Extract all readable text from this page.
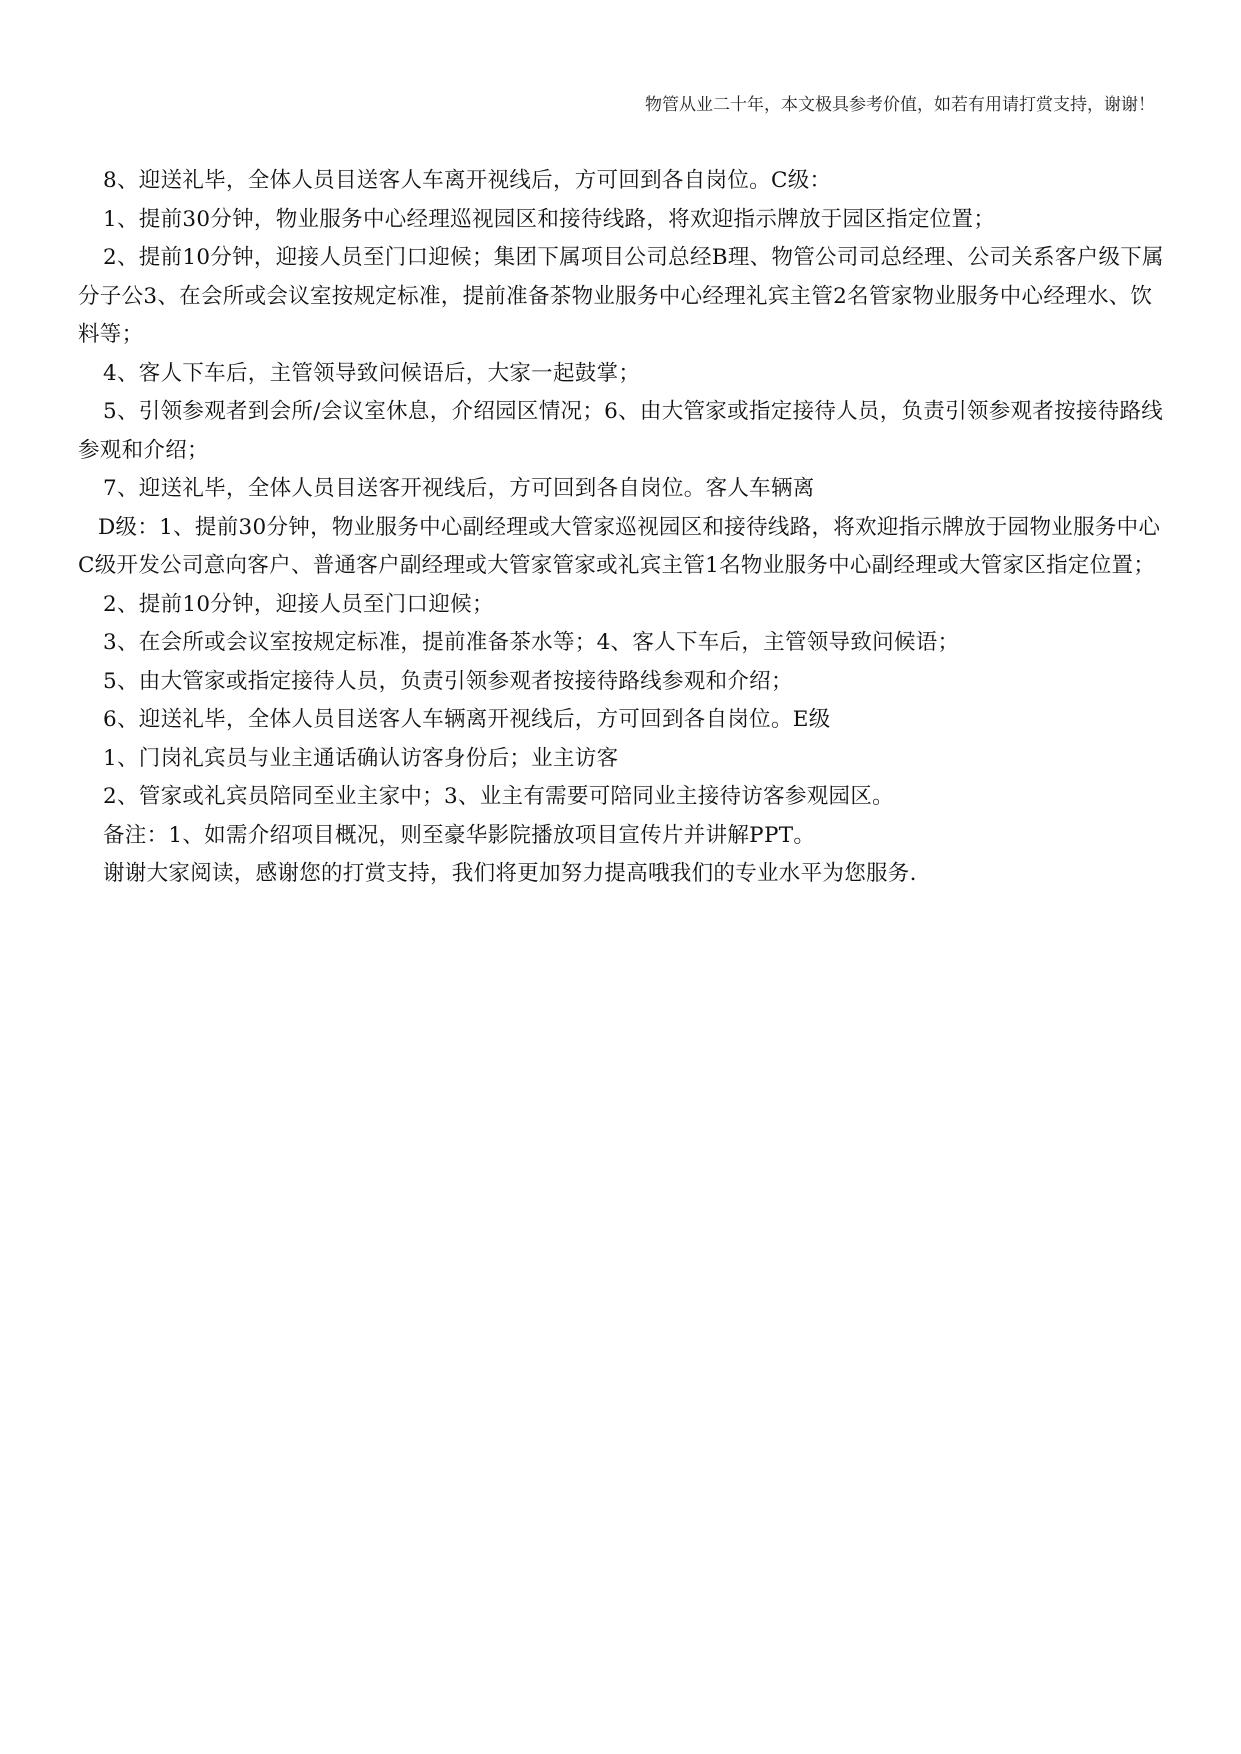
物管从业二十年，本文极具参考价值，如若有用请打赏支持，谢谢！

8、迎送礼毕，全体人员目送客人车离开视线后，方可回到各自岗位。C级：

1、提前30分钟，物业服务中心经理巡视园区和接待线路，将欢迎指示牌放于园区指定位置；

2、提前10分钟，迎接人员至门口迎候；集团下属项目公司总经B理、物管公司司总经理、公司关系客户级下属分子公3、在会所或会议室按规定标准，提前准备茶物业服务中心经理礼宾主管2名管家物业服务中心经理水、饮料等；

4、客人下车后，主管领导致问候语后，大家一起鼓掌；

5、引领参观者到会所/会议室休息，介绍园区情况；6、由大管家或指定接待人员，负责引领参观者按接待路线参观和介绍；

7、迎送礼毕，全体人员目送客开视线后，方可回到各自岗位。客人车辆离

D级：1、提前30分钟，物业服务中心副经理或大管家巡视园区和接待线路，将欢迎指示牌放于园物业服务中心C级开发公司意向客户、普通客户副经理或大管家管家或礼宾主管1名物业服务中心副经理或大管家区指定位置；

2、提前10分钟，迎接人员至门口迎候；

3、在会所或会议室按规定标准，提前准备茶水等；4、客人下车后，主管领导致问候语；

5、由大管家或指定接待人员，负责引领参观者按接待路线参观和介绍；

6、迎送礼毕，全体人员目送客人车辆离开视线后，方可回到各自岗位。E级

1、门岗礼宾员与业主通话确认访客身份后；业主访客

2、管家或礼宾员陪同至业主家中；3、业主有需要可陪同业主接待访客参观园区。

备注：1、如需介绍项目概况，则至豪华影院播放项目宣传片并讲解PPT。

谢谢大家阅读，感谢您的打赏支持，我们将更加努力提高哦我们的专业水平为您服务.
